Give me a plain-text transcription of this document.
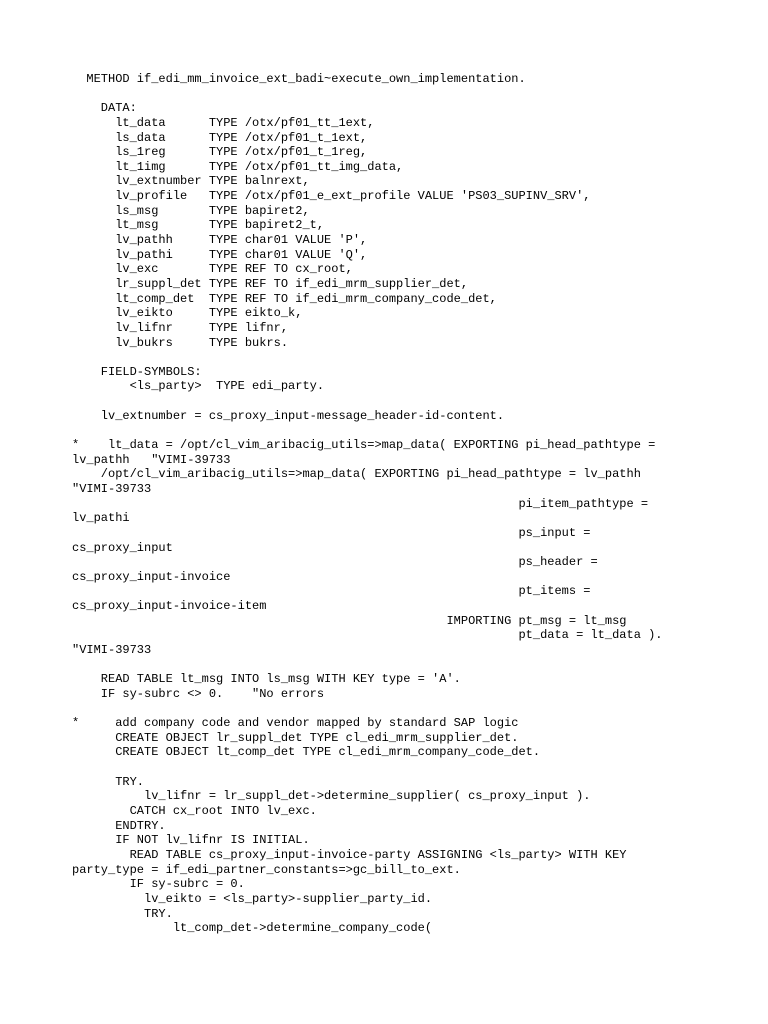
METHOD if_edi_mm_invoice_ext_badi~execute_own_implementation.

DATA:
lt_data      TYPE /otx/pf01_tt_1ext,
ls_data      TYPE /otx/pf01_t_1ext,
ls_1reg      TYPE /otx/pf01_t_1reg,
lt_1img      TYPE /otx/pf01_tt_img_data,
lv_extnumber TYPE balnrext,
lv_profile   TYPE /otx/pf01_e_ext_profile VALUE 'PS03_SUPINV_SRV',
ls_msg       TYPE bapiret2,
lt_msg       TYPE bapiret2_t,
lv_pathh     TYPE char01 VALUE 'P',
lv_pathi     TYPE char01 VALUE 'Q',
lv_exc       TYPE REF TO cx_root,
lr_suppl_det TYPE REF TO if_edi_mrm_supplier_det,
lt_comp_det  TYPE REF TO if_edi_mrm_company_code_det,
lv_eikto     TYPE eikto_k,
lv_lifnr     TYPE lifnr,
lv_bukrs     TYPE bukrs.

FIELD-SYMBOLS:
<ls_party>  TYPE edi_party.

lv_extnumber = cs_proxy_input-message_header-id-content.

*    lt_data = /opt/cl_vim_aribacig_utils=>map_data( EXPORTING pi_head_pathtype =
lv_pathh   "VIMI-39733
/opt/cl_vim_aribacig_utils=>map_data( EXPORTING pi_head_pathtype = lv_pathh
"VIMI-39733
pi_item_pathtype =
lv_pathi
ps_input =
cs_proxy_input
ps_header =
cs_proxy_input-invoice
pt_items =
cs_proxy_input-invoice-item
IMPORTING pt_msg = lt_msg
pt_data = lt_data ).
"VIMI-39733

READ TABLE lt_msg INTO ls_msg WITH KEY type = 'A'.
IF sy-subrc <> 0.    "No errors

*     add company code and vendor mapped by standard SAP logic
CREATE OBJECT lr_suppl_det TYPE cl_edi_mrm_supplier_det.
CREATE OBJECT lt_comp_det TYPE cl_edi_mrm_company_code_det.

TRY.
lv_lifnr = lr_suppl_det->determine_supplier( cs_proxy_input ).
CATCH cx_root INTO lv_exc.
ENDTRY.
IF NOT lv_lifnr IS INITIAL.
READ TABLE cs_proxy_input-invoice-party ASSIGNING <ls_party> WITH KEY
party_type = if_edi_partner_constants=>gc_bill_to_ext.
IF sy-subrc = 0.
lv_eikto = <ls_party>-supplier_party_id.
TRY.
lt_comp_det->determine_company_code(
